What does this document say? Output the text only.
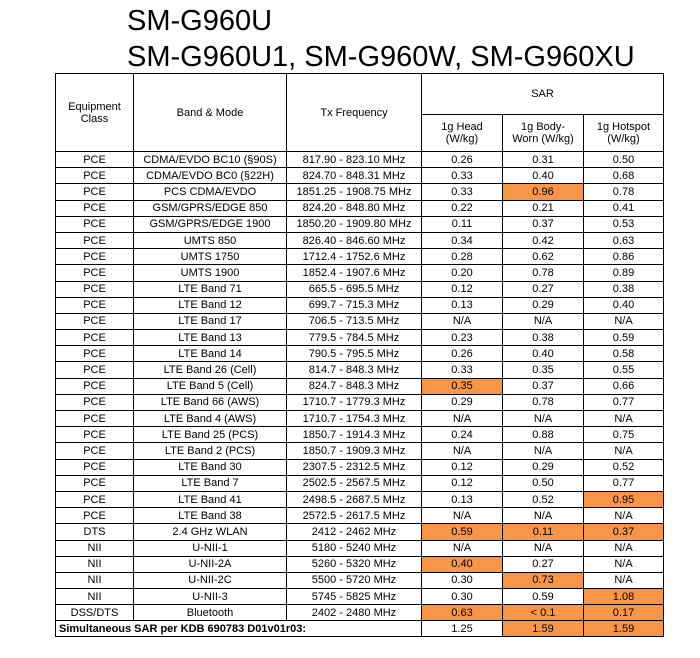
SM-G960U
SM-G960U1, SM-G960W, SM-G960XU
Equipment Class	Band & Mode	Tx Frequency	SAR		
			1g Head (W/kg)	1g Body-Worn (W/kg)	1g Hotspot (W/kg)
PCE	CDMA/EVDO BC10 (§90S)	817.90 - 823.10 MHz	0.26	0.31	0.50
PCE	CDMA/EVDO BC0 (§22H)	824.70 - 848.31 MHz	0.33	0.40	0.68
PCE	PCS CDMA/EVDO	1851.25 - 1908.75 MHz	0.33	0.96	0.78
PCE	GSM/GPRS/EDGE 850	824.20 - 848.80 MHz	0.22	0.21	0.41
PCE	GSM/GPRS/EDGE 1900	1850.20 - 1909.80 MHz	0.11	0.37	0.53
PCE	UMTS 850	826.40 - 846.60 MHz	0.34	0.42	0.63
PCE	UMTS 1750	1712.4 - 1752.6 MHz	0.28	0.62	0.86
PCE	UMTS 1900	1852.4 - 1907.6 MHz	0.20	0.78	0.89
PCE	LTE Band 71	665.5 - 695.5 MHz	0.12	0.27	0.38
PCE	LTE Band 12	699.7 - 715.3 MHz	0.13	0.29	0.40
PCE	LTE Band 17	706.5 - 713.5 MHz	N/A	N/A	N/A
PCE	LTE Band 13	779.5 - 784.5 MHz	0.23	0.38	0.59
PCE	LTE Band 14	790.5 - 795.5 MHz	0.26	0.40	0.58
PCE	LTE Band 26 (Cell)	814.7 - 848.3 MHz	0.33	0.35	0.55
PCE	LTE Band 5 (Cell)	824.7 - 848.3 MHz	0.35	0.37	0.66
PCE	LTE Band 66 (AWS)	1710.7 - 1779.3 MHz	0.29	0.78	0.77
PCE	LTE Band 4 (AWS)	1710.7 - 1754.3 MHz	N/A	N/A	N/A
PCE	LTE Band 25 (PCS)	1850.7 - 1914.3 MHz	0.24	0.88	0.75
PCE	LTE Band 2 (PCS)	1850.7 - 1909.3 MHz	N/A	N/A	N/A
PCE	LTE Band 30	2307.5 - 2312.5 MHz	0.12	0.29	0.52
PCE	LTE Band 7	2502.5 - 2567.5 MHz	0.12	0.50	0.77
PCE	LTE Band 41	2498.5 - 2687.5 MHz	0.13	0.52	0.95
PCE	LTE Band 38	2572.5 - 2617.5 MHz	N/A	N/A	N/A
DTS	2.4 GHz WLAN	2412 - 2462 MHz	0.59	0.11	0.37
NII	U-NII-1	5180 - 5240 MHz	N/A	N/A	N/A
NII	U-NII-2A	5260 - 5320 MHz	0.40	0.27	N/A
NII	U-NII-2C	5500 - 5720 MHz	0.30	0.73	N/A
NII	U-NII-3	5745 - 5825 MHz	0.30	0.59	1.08
DSS/DTS	Bluetooth	2402 - 2480 MHz	0.63	< 0.1	0.17
Simultaneous SAR per KDB 690783 D01v01r03:			1.25	1.59	1.59
